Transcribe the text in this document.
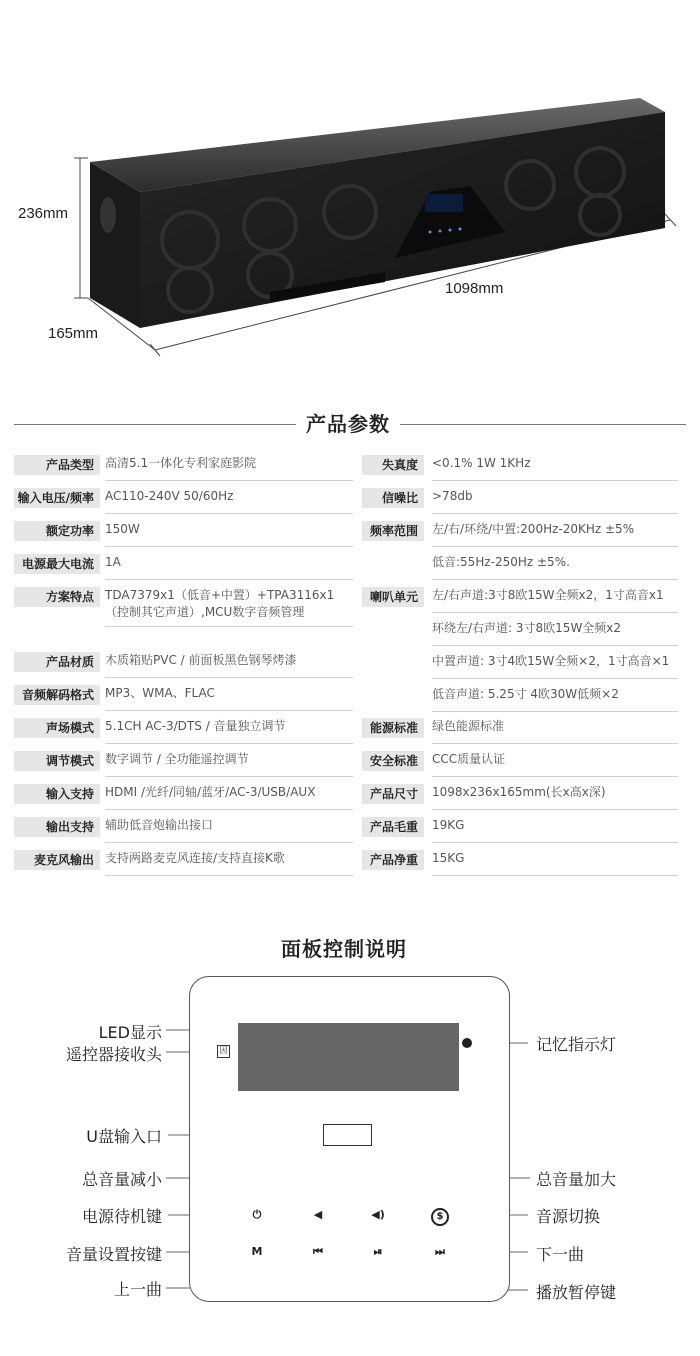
236mm
165mm
1098mm
产品参数
产品类型 高清5.1一体化专利家庭影院
输入电压/频率 AC110-240V 50/60Hz
额定功率 150W
电源最大电流 1A
方案特点 TDA7379x1（低音+中置）+TPA3116x1
（控制其它声道）,MCU数字音频管理
产品材质 木质箱贴PVC / 前面板黑色钢琴烤漆
音频解码格式 MP3、WMA、FLAC
声场模式 5.1CH AC-3/DTS / 音量独立调节
调节模式 数字调节 / 全功能遥控调节
输入支持 HDMI /光纤/同轴/蓝牙/AC-3/USB/AUX
输出支持 辅助低音炮输出接口
麦克风输出 支持两路麦克风连接/支持直接K歌
失真度	<0.1% 1W 1KHz
信噪比	>78db
频率范围	左/右/环绕/中置:200Hz-20KHz ±5%
低音:55Hz-250Hz ±5%.
喇叭单元	左/右声道:3寸8欧15W全频x2，1寸高音x1
环绕左/右声道: 3寸8欧15W全频x2
中置声道: 3寸4欧15W全频×2，1寸高音×1
低音声道: 5.25寸 4欧30W低频×2
能源标准	绿色能源标准
安全标准	CCC质量认证
产品尺寸	1098x236x165mm(长x高x深)
产品毛重	19KG
产品净重	15KG
面板控制说明
因
⏻	◀	◀)	$
M	⏮	⏯	⏭
LED显示
遥控器接收头
记忆指示灯
U盘输入口
总音量减小	总音量加大
电源待机键	音源切换
音量设置按键	下一曲
上一曲	播放暂停键
